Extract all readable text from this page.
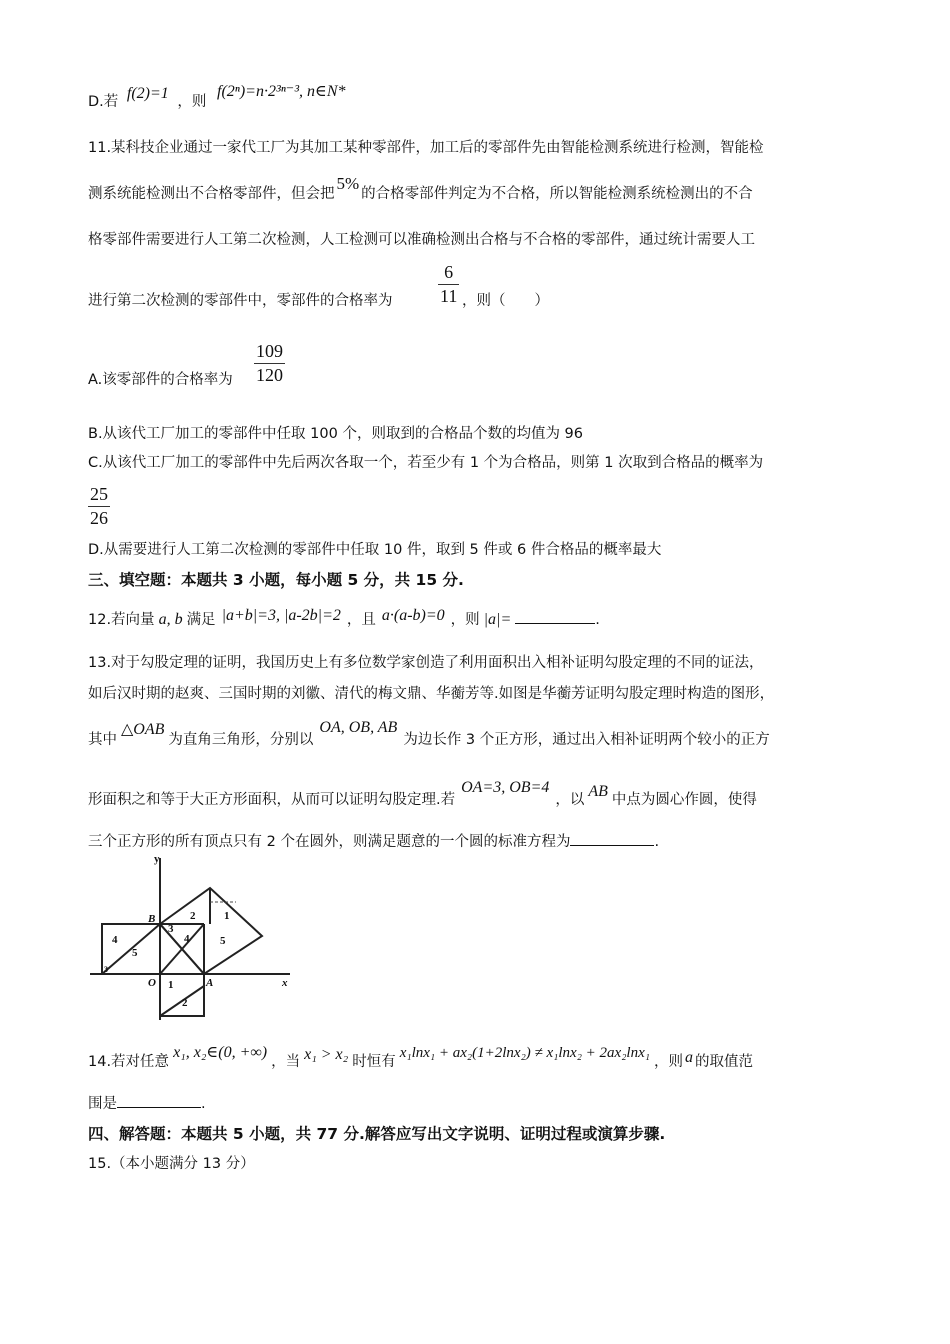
D.若 f(2)=1 ，则 f(2ⁿ)=n·2³ⁿ⁻³, n∈N*
11.某科技企业通过一家代工厂为其加工某种零部件，加工后的零部件先由智能检测系统进行检测，智能检
测系统能检测出不合格零部件，但会把5%的合格零部件判定为不合格，所以智能检测系统检测出的不合
格零部件需要进行人工第二次检测，人工检测可以准确检测出合格与不合格的零部件，通过统计需要人工
进行第二次检测的零部件中，零部件的合格率为
6
11 ，则（　　）
A.该零部件的合格率为
109
120
B.从该代工厂加工的零部件中任取 100 个，则取到的合格品个数的均值为 96
C.从该代工厂加工的零部件中先后两次各取一个，若至少有 1 个为合格品，则第 1 次取到合格品的概率为
25
26
D.从需要进行人工第二次检测的零部件中任取 10 件，取到 5 件或 6 件合格品的概率最大
三、填空题：本题共 3 小题，每小题 5 分，共 15 分.
12.若向量 a, b 满足 |a+b|=3, |a-2b|=2 ，且 a·(a-b)=0 ，则 |a|=	.
13.对于勾股定理的证明，我国历史上有多位数学家创造了利用面积出入相补证明勾股定理的不同的证法，
如后汉时期的赵爽、三国时期的刘徽、清代的梅文鼎、华蘅芳等.如图是华蘅芳证明勾股定理时构造的图形，
其中△OAB为直角三角形，分别以OA, OB, AB为边长作 3 个正方形，通过出入相补证明两个较小的正方
形面积之和等于大正方形面积，从而可以证明勾股定理.若OA=3, OB=4，以 AB 中点为圆心作圆，使得
三个正方形的所有顶点只有 2 个在圆外，则满足题意的一个圆的标准方程为	.
y
x
O	A
B
4
5
3
2	1
4	5
1
2
3
14.若对任意x₁, x₂∈(0, +∞)，当 x₁ > x₂ 时恒有x₁lnx₁ + ax₂(1+2lnx₂) ≠ x₁lnx₂ + 2ax₂lnx₁，则 a 的取值范
围是	.
四、解答题：本题共 5 小题，共 77 分.解答应写出文字说明、证明过程或演算步骤.
15.（本小题满分 13 分）
